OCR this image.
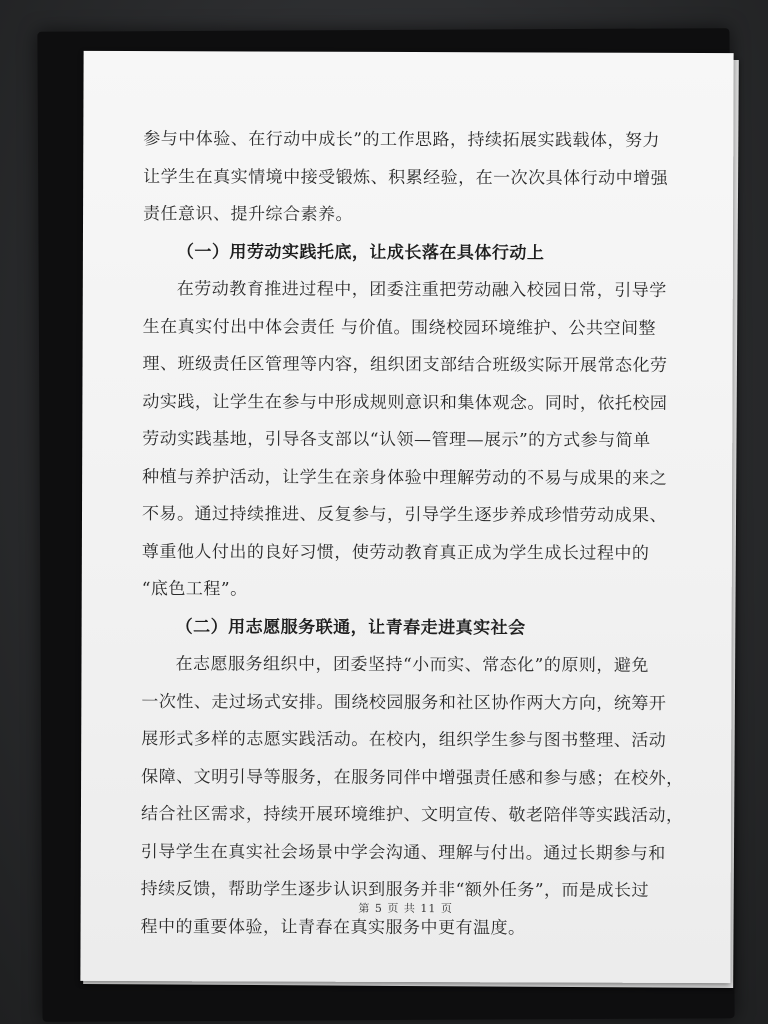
参与中体验、在行动中成长”的工作思路，持续拓展实践载体，努力
让学生在真实情境中接受锻炼、积累经验，在一次次具体行动中增强
责任意识、提升综合素养。
（一）用劳动实践托底，让成长落在具体行动上
在劳动教育推进过程中，团委注重把劳动融入校园日常，引导学
生在真实付出中体会责任 与价值。围绕校园环境维护、公共空间整
理、班级责任区管理等内容，组织团支部结合班级实际开展常态化劳
动实践，让学生在参与中形成规则意识和集体观念。同时，依托校园
劳动实践基地，引导各支部以“认领—管理—展示”的方式参与简单
种植与养护活动，让学生在亲身体验中理解劳动的不易与成果的来之
不易。通过持续推进、反复参与，引导学生逐步养成珍惜劳动成果、
尊重他人付出的良好习惯，使劳动教育真正成为学生成长过程中的
“底色工程”。
（二）用志愿服务联通，让青春走进真实社会
在志愿服务组织中，团委坚持“小而实、常态化”的原则，避免
一次性、走过场式安排。围绕校园服务和社区协作两大方向，统筹开
展形式多样的志愿实践活动。在校内，组织学生参与图书整理、活动
保障、文明引导等服务，在服务同伴中增强责任感和参与感；在校外，
结合社区需求，持续开展环境维护、文明宣传、敬老陪伴等实践活动，
引导学生在真实社会场景中学会沟通、理解与付出。通过长期参与和
持续反馈，帮助学生逐步认识到服务并非“额外任务”，而是成长过
程中的重要体验，让青春在真实服务中更有温度。
第 5 页 共 11 页
